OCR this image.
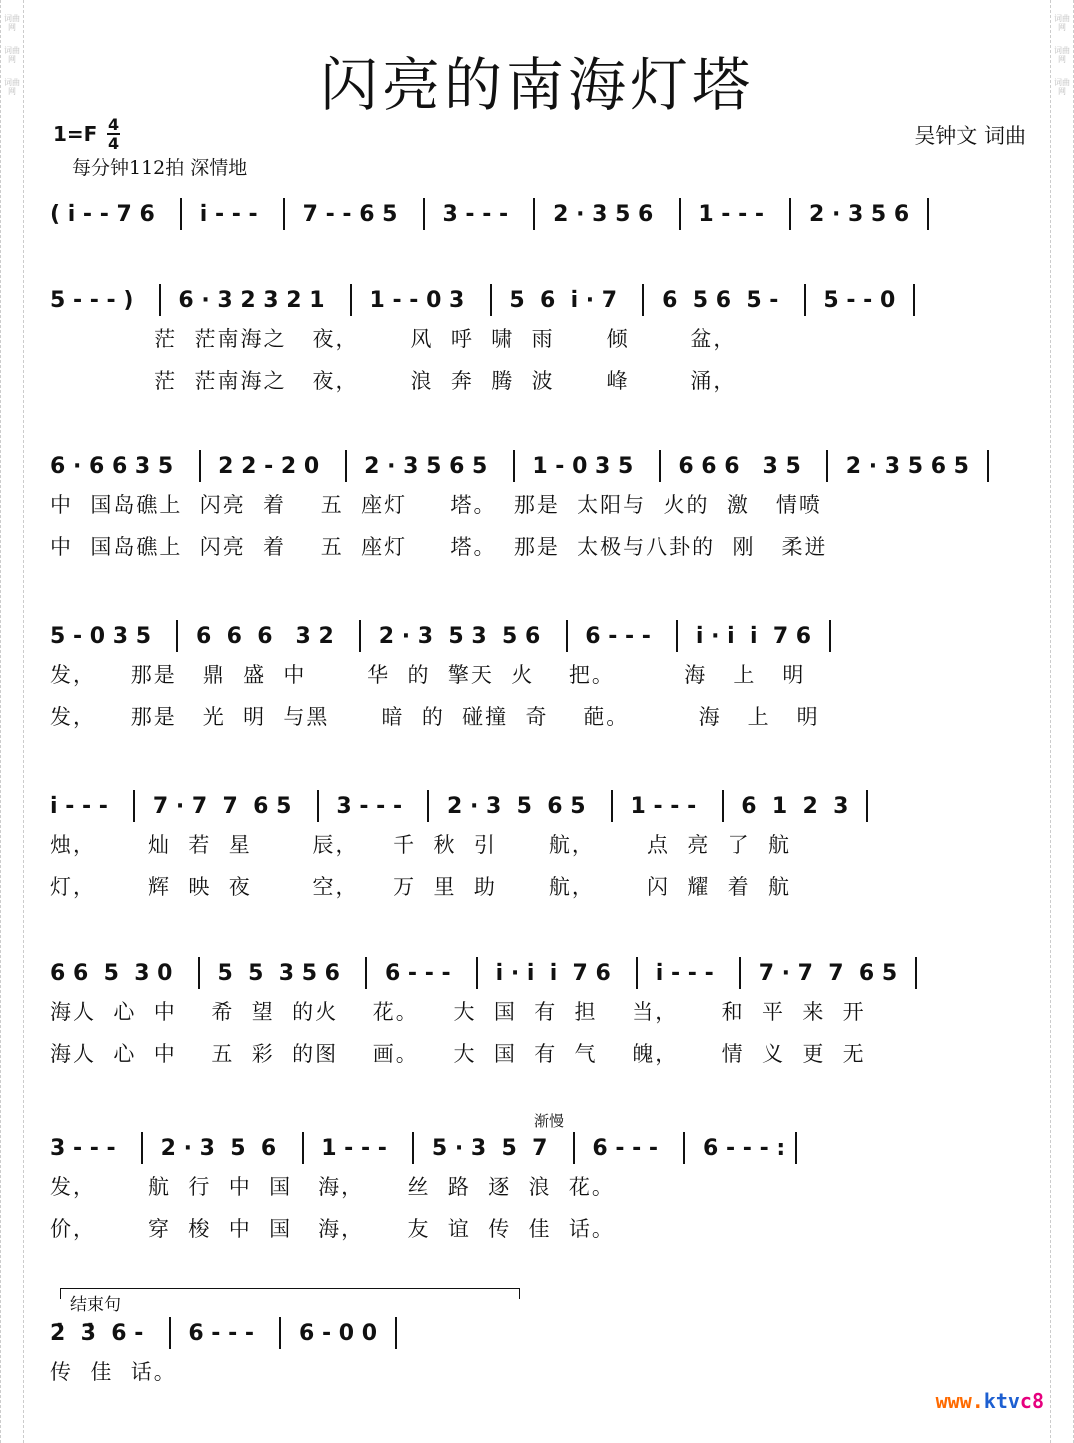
词曲网
词曲网
词曲网
词曲网
词曲网
词曲网
闪亮的南海灯塔
1=F 4
4
每分钟112拍 深情地
吴钟文 词曲
( i̇ - - 7 6 i̇ - - - 7 - - 6 5 3 - - - 2 · 3 5 6 1 - - - 2 · 3 5 6
5 - - - ) 6 · 3 2 3 2 1 1 - - 0 3 5  6  i̇ · 7 6  5 6  5 - 5 - - 0
茫  茫南海之   夜，      风  呼  啸  雨      倾       盆，
茫  茫南海之   夜，      浪  奔  腾  波      峰       涌，
6 · 6 6 3 5 2 2 - 2 0 2 · 3 5 6 5 1 - 0 3 5 6 6 6   3 5 2 · 3 5 6 5
中  国岛礁上  闪亮  着    五  座灯     塔。  那是  太阳与  火的  激   情喷
中  国岛礁上  闪亮  着    五  座灯     塔。  那是  太极与八卦的  刚   柔迸
5 - 0 3 5 6  6  6   3 2 2 · 3  5 3  5 6 6 - - - i̇ · i̇  i̇  7 6
发，    那是   鼎  盛  中       华  的  擎天  火    把。        海   上   明
发，    那是   光  明  与黑      暗  的  碰撞  奇    葩。        海   上   明
i̇ - - - 7 · 7  7  6 5 3 - - - 2 · 3  5  6 5 1 - - - 6  1  2  3
烛，      灿  若  星       辰，    千  秋  引      航，      点  亮  了  航
灯，      辉  映  夜       空，    万  里  助      航，      闪  耀  着  航
6 6  5  3 0 5  5  3 5 6 6 - - - i̇ · i̇  i̇  7 6 i̇ - - - 7 · 7  7  6 5
海人  心  中    希  望  的火    花。    大  国  有  担    当，     和  平  来  开
海人  心  中    五  彩  的图    画。    大  国  有  气    魄，     情  义  更  无
3 - - - 2 · 3  5  6 1 - - - 5 · 3  5  7 6 - - - 6 - - - :
发，      航  行  中  国   海，     丝  路  逐  浪  花。
价，      穿  梭  中  国   海，     友  谊  传  佳  话。
2̇  3̇  6 - 6 - - - 6 - 0 0
传  佳  话。
渐慢
结束句
www.ktvc8
